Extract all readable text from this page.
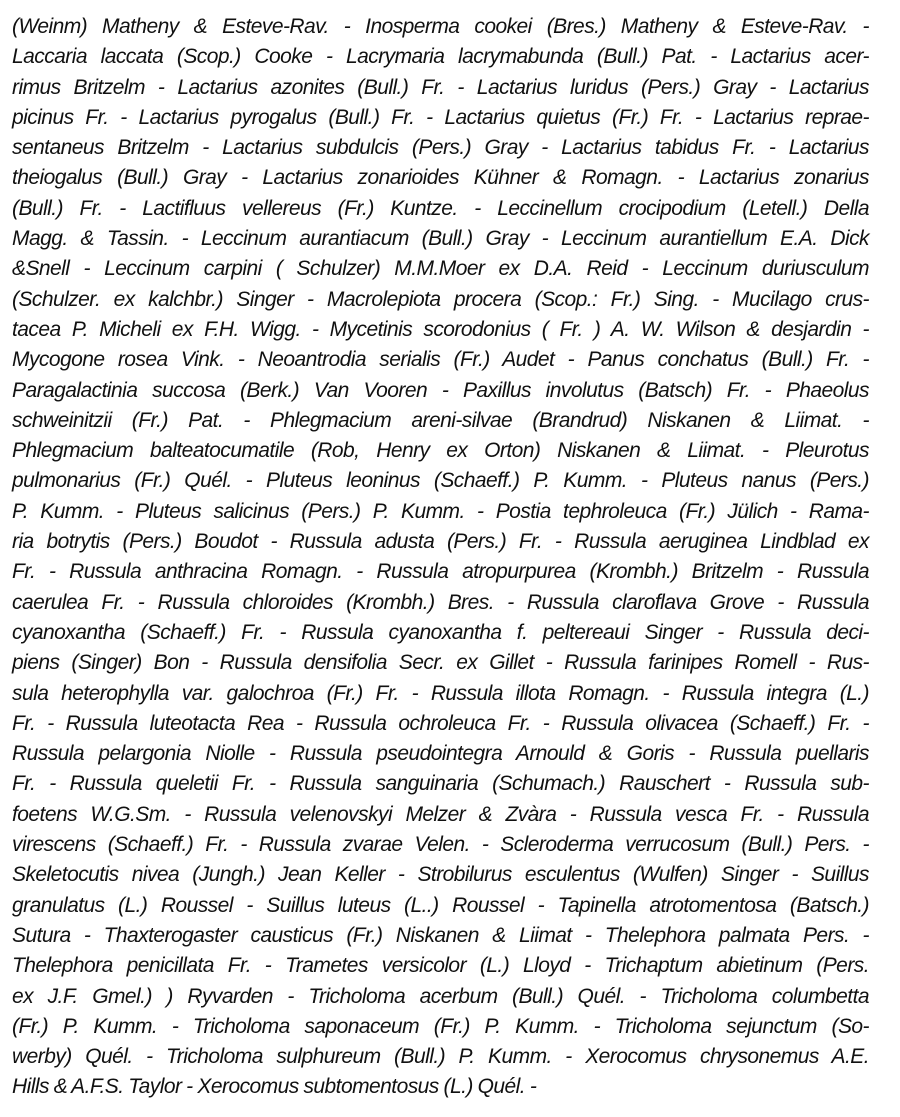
(Weinm) Matheny & Esteve-Rav. - Inosperma cookei (Bres.) Matheny & Esteve-Rav. -
Laccaria laccata (Scop.) Cooke - Lacrymaria lacrymabunda (Bull.) Pat. - Lactarius acer-
rimus Britzelm - Lactarius azonites (Bull.) Fr. - Lactarius luridus (Pers.) Gray - Lactarius
picinus Fr. - Lactarius pyrogalus (Bull.) Fr. - Lactarius quietus (Fr.) Fr. - Lactarius repraе-
sentaneus Britzelm - Lactarius subdulcis (Pers.) Gray - Lactarius tabidus Fr. - Lactarius
theiogalus (Bull.) Gray - Lactarius zonarioides Kühner & Romagn. - Lactarius zonarius
(Bull.) Fr. - Lactifluus vellereus (Fr.) Kuntze. - Leccinellum crocipodium (Letell.) Della
Magg. & Tassin. - Leccinum aurantiacum (Bull.) Gray - Leccinum aurantiellum E.A. Dick
&Snell - Leccinum carpini ( Schulzer) M.M.Moer ex D.A. Reid - Leccinum duriusculum
(Schulzer. ex kalchbr.) Singer - Macrolepiota procera (Scop.: Fr.) Sing. - Mucilago crus-
tacea P. Micheli ex F.H. Wigg. - Mycetinis scorodonius ( Fr. ) A. W. Wilson & desjardin -
Mycogone rosea Vink. - Neoantrodia serialis (Fr.) Audet - Panus conchatus (Bull.) Fr. -
Paragalactinia succosa (Berk.) Van Vooren - Paxillus involutus (Batsch) Fr. - Phaeolus
schweinitzii (Fr.) Pat. - Phlegmacium areni-silvae (Brandrud) Niskanen & Liimat. -
Phlegmacium balteatocumatile (Rob, Henry ex Orton) Niskanen & Liimat. - Pleurotus
pulmonarius (Fr.) Quél. - Pluteus leoninus (Schaeff.) P. Kumm. - Pluteus nanus (Pers.)
P. Kumm. - Pluteus salicinus (Pers.) P. Kumm. - Postia tephroleuca (Fr.) Jülich - Rama-
ria botrytis (Pers.) Boudot - Russula adusta (Pers.) Fr. - Russula aeruginea Lindblad ex
Fr. - Russula anthracina Romagn. - Russula atropurpurea (Krombh.) Britzelm - Russula
caerulea Fr. - Russula chloroides (Krombh.) Bres. - Russula claroflava Grove - Russula
cyanoxantha (Schaeff.) Fr. - Russula cyanoxantha f. peltereaui Singer - Russula deci-
piens (Singer) Bon - Russula densifolia Secr. ex Gillet - Russula farinipes Romell - Rus-
sula heterophylla var. galochroa (Fr.) Fr. - Russula illota Romagn. - Russula integra (L.)
Fr. - Russula luteotacta Rea - Russula ochroleuca Fr. - Russula olivacea (Schaeff.) Fr. -
Russula pelargonia Niolle - Russula pseudointegra Arnould & Goris - Russula puellaris
Fr. - Russula queletii Fr. - Russula sanguinaria (Schumach.) Rauschert - Russula sub-
foetens W.G.Sm. - Russula velenovskyi Melzer & Zvàra - Russula vesca Fr. - Russula
virescens (Schaeff.) Fr. - Russula zvarae Velen. - Scleroderma verrucosum (Bull.) Pers. -
Skeletocutis nivea (Jungh.) Jean Keller - Strobilurus esculentus (Wulfen) Singer - Suillus
granulatus (L.) Roussel - Suillus luteus (L..) Roussel - Tapinella atrotomentosa (Batsch.)
Sutura - Thaxterogaster causticus (Fr.) Niskanen & Liimat - Thelephora palmata Pers. -
Thelephora penicillata Fr. - Trametes versicolor (L.) Lloyd - Trichaptum abietinum (Pers.
ex J.F. Gmel.) ) Ryvarden - Tricholoma acerbum (Bull.) Quél. - Tricholoma columbetta
(Fr.) P. Kumm. - Tricholoma saponaceum (Fr.) P. Kumm. - Tricholoma sejunctum (So-
werby) Quél. - Tricholoma sulphureum (Bull.) P. Kumm. - Xerocomus chrysonemus A.E.
Hills & A.F.S. Taylor - Xerocomus subtomentosus (L.) Quél. -
